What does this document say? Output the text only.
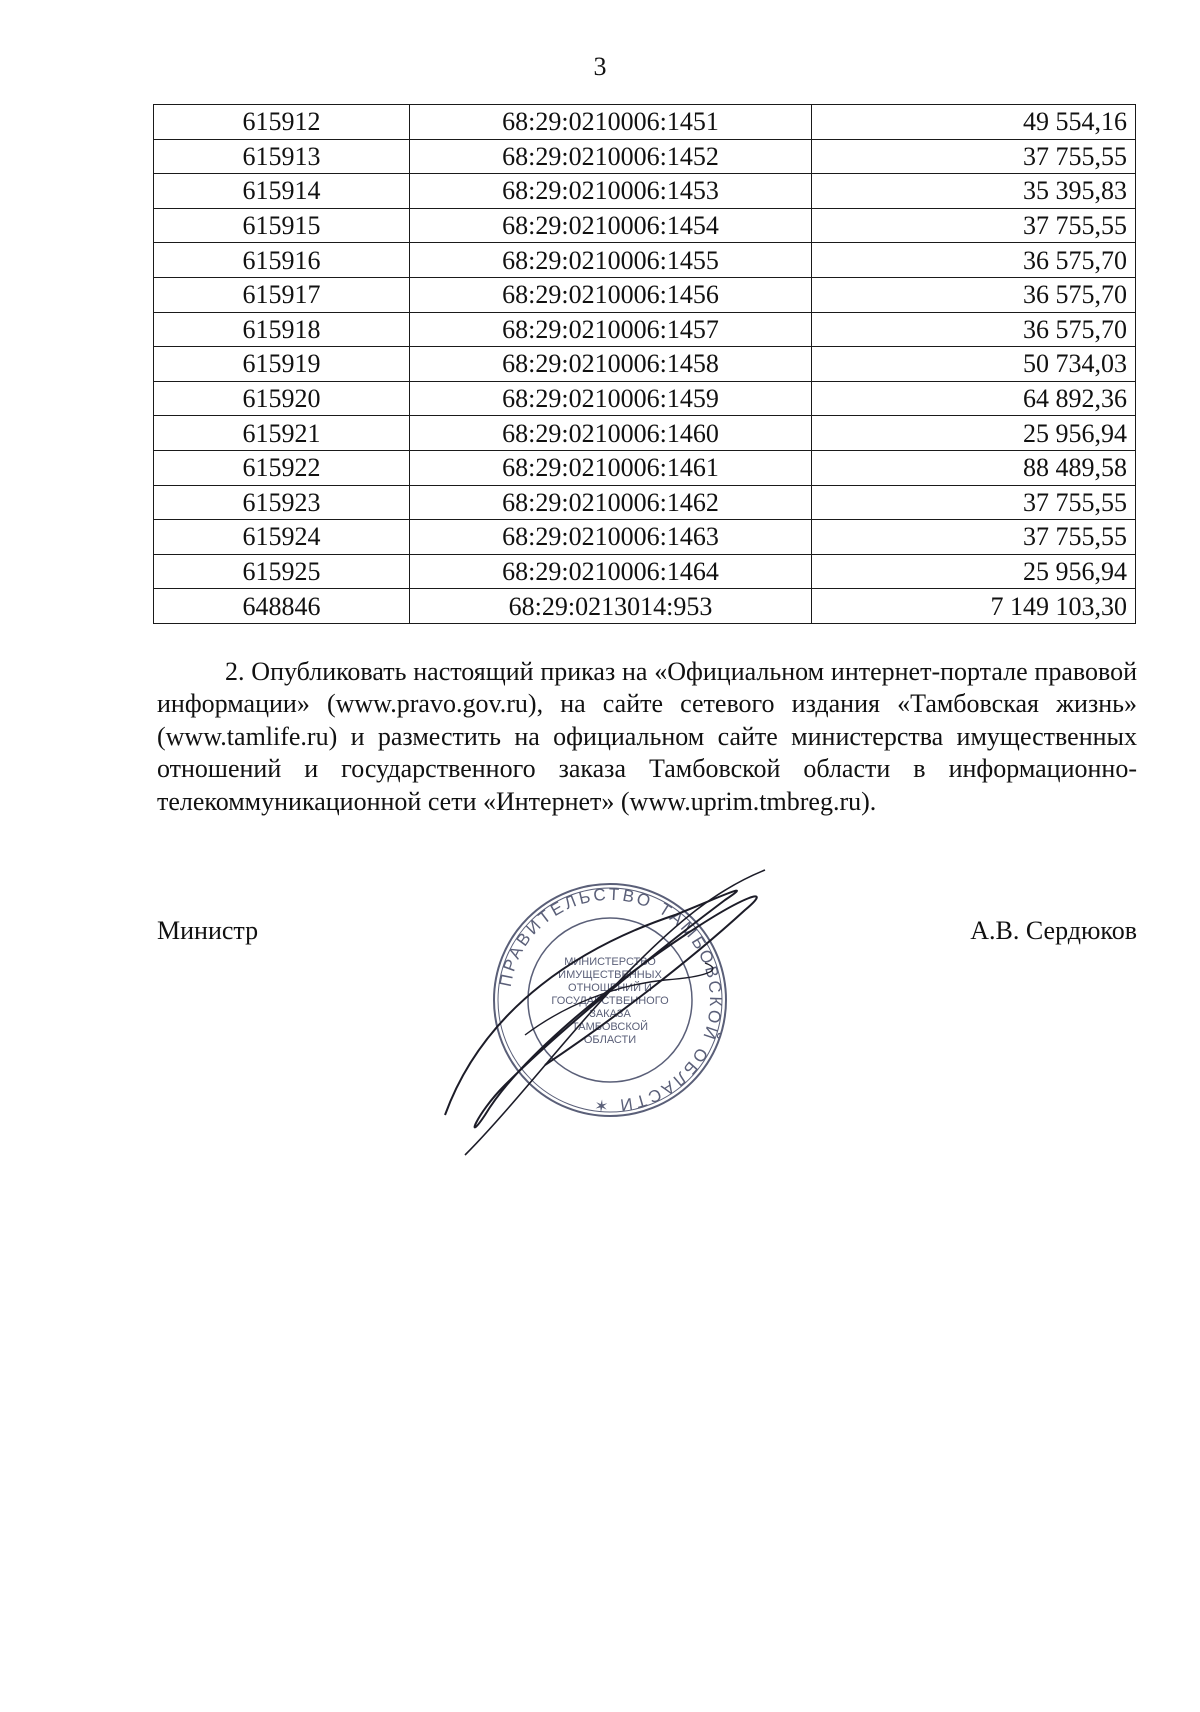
3
615912	68:29:0210006:1451	49 554,16
615913	68:29:0210006:1452	37 755,55
615914	68:29:0210006:1453	35 395,83
615915	68:29:0210006:1454	37 755,55
615916	68:29:0210006:1455	36 575,70
615917	68:29:0210006:1456	36 575,70
615918	68:29:0210006:1457	36 575,70
615919	68:29:0210006:1458	50 734,03
615920	68:29:0210006:1459	64 892,36
615921	68:29:0210006:1460	25 956,94
615922	68:29:0210006:1461	88 489,58
615923	68:29:0210006:1462	37 755,55
615924	68:29:0210006:1463	37 755,55
615925	68:29:0210006:1464	25 956,94
648846	68:29:0213014:953	7 149 103,30

2. Опубликовать настоящий приказ на «Официальном интернет-портале правовой информации» (www.pravo.gov.ru), на сайте сетевого издания «Тамбовская жизнь» (www.tamlife.ru) и разместить на официальном сайте министерства имущественных отношений и государственного заказа Тамбовской области в информационно-телекоммуникационной сети «Интернет» (www.uprim.tmbreg.ru).

Министр	А.В. Сердюков
ПРАВИТЕЛЬСТВО ТАМБОВСКОЙ ОБЛАСТИ ✶
МИНИСТЕРСТВО
ИМУЩЕСТВЕННЫХ
ОТНОШЕНИЙ И
ГОСУДАРСТВЕННОГО
ЗАКАЗА
ТАМБОВСКОЙ
ОБЛАСТИ
